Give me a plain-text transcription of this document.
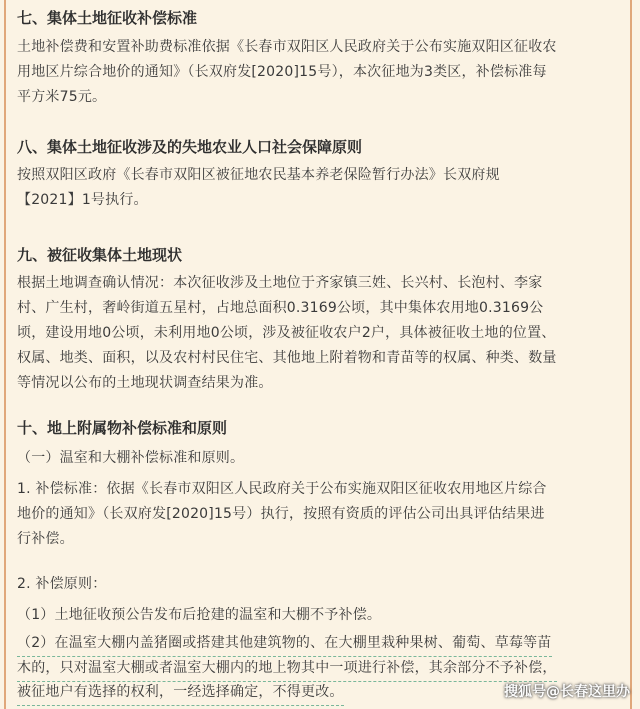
七、集体土地征收补偿标准

土地补偿费和安置补助费标准依据《长春市双阳区人民政府关于公布实施双阳区征收农

用地区片综合地价的通知》（长双府发[2020]15号），本次征地为3类区，补偿标准每

平方米75元。

八、集体土地征收涉及的失地农业人口社会保障原则

按照双阳区政府《长春市双阳区被征地农民基本养老保险暂行办法》长双府规

【2021】1号执行。

九、被征收集体土地现状

根据土地调查确认情况：本次征收涉及土地位于齐家镇三姓、长兴村、长泡村、李家

村、广生村，奢岭街道五星村，占地总面积0.3169公顷，其中集体农用地0.3169公

顷，建设用地0公顷，未利用地0公顷，涉及被征收农户2户，具体被征收土地的位置、

权属、地类、面积，以及农村村民住宅、其他地上附着物和青苗等的权属、种类、数量

等情况以公布的土地现状调查结果为准。

十、地上附属物补偿标准和原则

（一）温室和大棚补偿标准和原则。

1. 补偿标准：依据《长春市双阳区人民政府关于公布实施双阳区征收农用地区片综合

地价的通知》（长双府发[2020]15号）执行，按照有资质的评估公司出具评估结果进

行补偿。

2. 补偿原则：

（1）土地征收预公告发布后抢建的温室和大棚不予补偿。

（2）在温室大棚内盖猪圈或搭建其他建筑物的、在大棚里栽种果树、葡萄、草莓等苗

木的，只对温室大棚或者温室大棚内的地上物其中一项进行补偿，其余部分不予补偿，

被征地户有选择的权利，一经选择确定，不得更改。	搜狐号@长春这里办
